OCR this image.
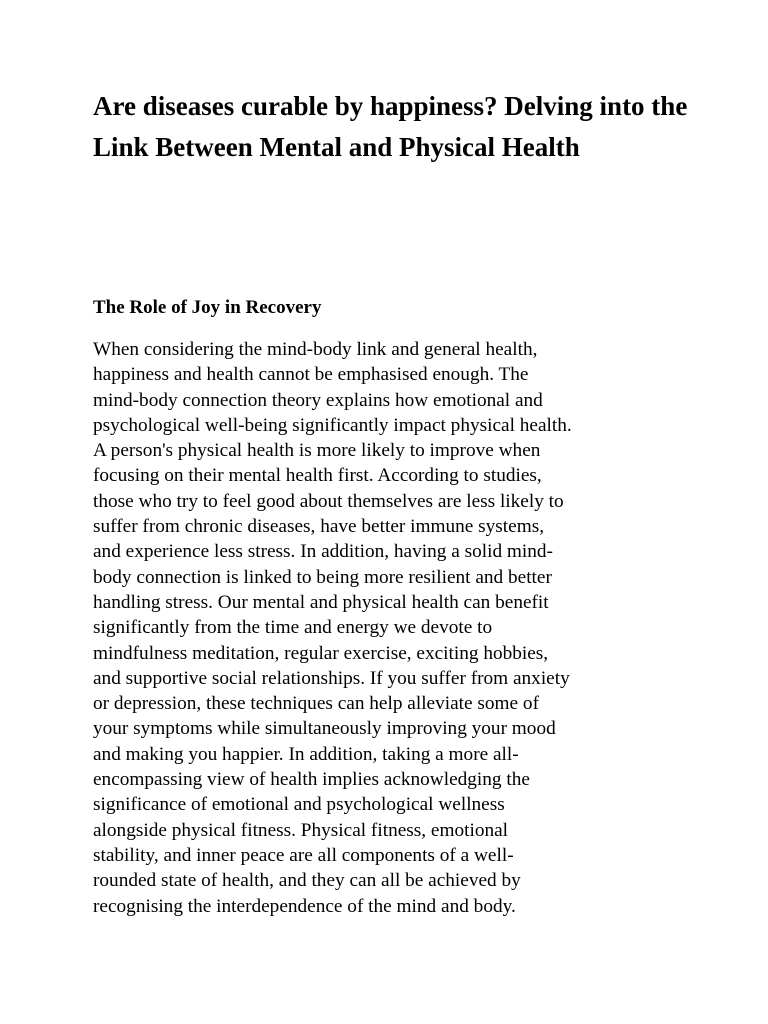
Are diseases curable by happiness? Delving into the Link Between Mental and Physical Health
The Role of Joy in Recovery
When considering the mind-body link and general health,
happiness and health cannot be emphasised enough. The
mind-body connection theory explains how emotional and
psychological well-being significantly impact physical health.
A person's physical health is more likely to improve when
focusing on their mental health first. According to studies,
those who try to feel good about themselves are less likely to
suffer from chronic diseases, have better immune systems,
and experience less stress. In addition, having a solid mind-
body connection is linked to being more resilient and better
handling stress. Our mental and physical health can benefit
significantly from the time and energy we devote to
mindfulness meditation, regular exercise, exciting hobbies,
and supportive social relationships. If you suffer from anxiety
or depression, these techniques can help alleviate some of
your symptoms while simultaneously improving your mood
and making you happier. In addition, taking a more all-
encompassing view of health implies acknowledging the
significance of emotional and psychological wellness
alongside physical fitness. Physical fitness, emotional
stability, and inner peace are all components of a well-
rounded state of health, and they can all be achieved by
recognising the interdependence of the mind and body.
